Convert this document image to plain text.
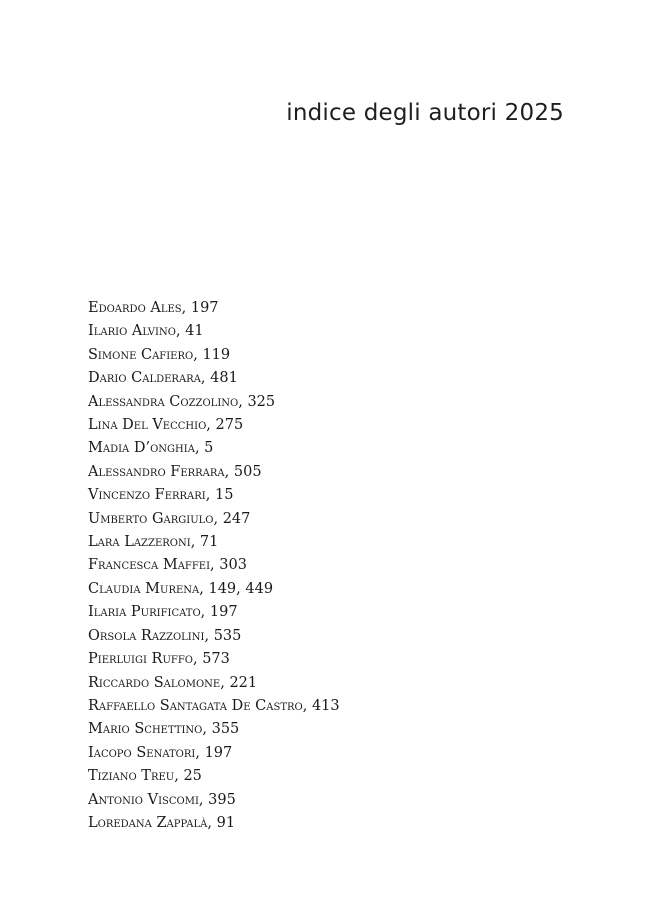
indice degli autori 2025
Edoardo Ales, 197
Ilario Alvino, 41
Simone Cafiero, 119
Dario Calderara, 481
Alessandra Cozzolino, 325
Lina Del Vecchio, 275
Madia D’onghia, 5
Alessandro Ferrara, 505
Vincenzo Ferrari, 15
Umberto Gargiulo, 247
Lara Lazzeroni, 71
Francesca Maffei, 303
Claudia Murena, 149, 449
Ilaria Purificato, 197
Orsola Razzolini, 535
Pierluigi Ruffo, 573
Riccardo Salomone, 221
Raffaello Santagata De Castro, 413
Mario Schettino, 355
Iacopo Senatori, 197
Tiziano Treu, 25
Antonio Viscomi, 395
Loredana Zappalà, 91
